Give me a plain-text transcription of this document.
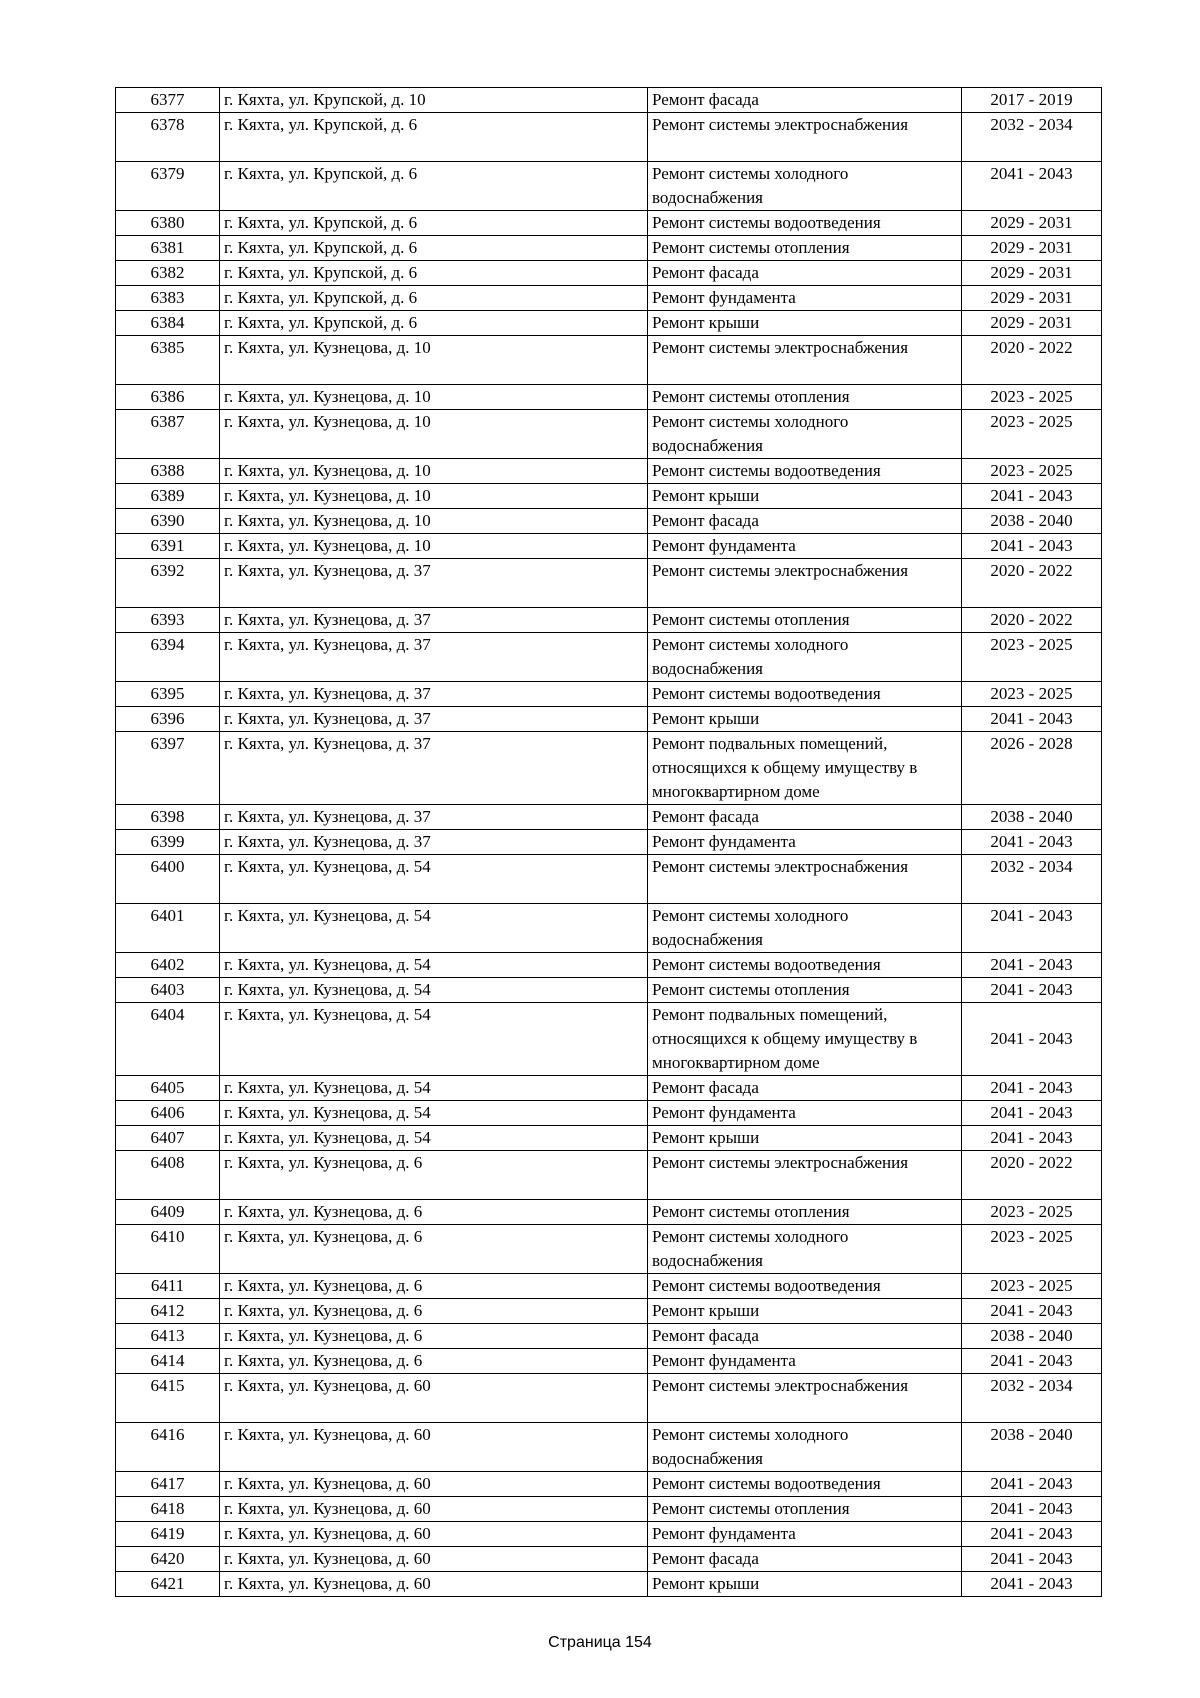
6377	г. Кяхта, ул. Крупской, д. 10	Ремонт фасада	2017 - 2019
6378	г. Кяхта, ул. Крупской, д. 6	Ремонт системы электроснабжения	2032 - 2034
6379	г. Кяхта, ул. Крупской, д. 6	Ремонт системы холодного
водоснабжения	2041 - 2043
6380	г. Кяхта, ул. Крупской, д. 6	Ремонт системы водоотведения	2029 - 2031
6381	г. Кяхта, ул. Крупской, д. 6	Ремонт системы отопления	2029 - 2031
6382	г. Кяхта, ул. Крупской, д. 6	Ремонт фасада	2029 - 2031
6383	г. Кяхта, ул. Крупской, д. 6	Ремонт фундамента	2029 - 2031
6384	г. Кяхта, ул. Крупской, д. 6	Ремонт крыши	2029 - 2031
6385	г. Кяхта, ул. Кузнецова, д. 10	Ремонт системы электроснабжения	2020 - 2022
6386	г. Кяхта, ул. Кузнецова, д. 10	Ремонт системы отопления	2023 - 2025
6387	г. Кяхта, ул. Кузнецова, д. 10	Ремонт системы холодного
водоснабжения	2023 - 2025
6388	г. Кяхта, ул. Кузнецова, д. 10	Ремонт системы водоотведения	2023 - 2025
6389	г. Кяхта, ул. Кузнецова, д. 10	Ремонт крыши	2041 - 2043
6390	г. Кяхта, ул. Кузнецова, д. 10	Ремонт фасада	2038 - 2040
6391	г. Кяхта, ул. Кузнецова, д. 10	Ремонт фундамента	2041 - 2043
6392	г. Кяхта, ул. Кузнецова, д. 37	Ремонт системы электроснабжения	2020 - 2022
6393	г. Кяхта, ул. Кузнецова, д. 37	Ремонт системы отопления	2020 - 2022
6394	г. Кяхта, ул. Кузнецова, д. 37	Ремонт системы холодного
водоснабжения	2023 - 2025
6395	г. Кяхта, ул. Кузнецова, д. 37	Ремонт системы водоотведения	2023 - 2025
6396	г. Кяхта, ул. Кузнецова, д. 37	Ремонт крыши	2041 - 2043
6397	г. Кяхта, ул. Кузнецова, д. 37	Ремонт подвальных помещений,
относящихся к общему имуществу в
многоквартирном доме	2026 - 2028
6398	г. Кяхта, ул. Кузнецова, д. 37	Ремонт фасада	2038 - 2040
6399	г. Кяхта, ул. Кузнецова, д. 37	Ремонт фундамента	2041 - 2043
6400	г. Кяхта, ул. Кузнецова, д. 54	Ремонт системы электроснабжения	2032 - 2034
6401	г. Кяхта, ул. Кузнецова, д. 54	Ремонт системы холодного
водоснабжения	2041 - 2043
6402	г. Кяхта, ул. Кузнецова, д. 54	Ремонт системы водоотведения	2041 - 2043
6403	г. Кяхта, ул. Кузнецова, д. 54	Ремонт системы отопления	2041 - 2043
6404	г. Кяхта, ул. Кузнецова, д. 54	Ремонт подвальных помещений,
относящихся к общему имуществу в
многоквартирном доме	2041 - 2043
6405	г. Кяхта, ул. Кузнецова, д. 54	Ремонт фасада	2041 - 2043
6406	г. Кяхта, ул. Кузнецова, д. 54	Ремонт фундамента	2041 - 2043
6407	г. Кяхта, ул. Кузнецова, д. 54	Ремонт крыши	2041 - 2043
6408	г. Кяхта, ул. Кузнецова, д. 6	Ремонт системы электроснабжения	2020 - 2022
6409	г. Кяхта, ул. Кузнецова, д. 6	Ремонт системы отопления	2023 - 2025
6410	г. Кяхта, ул. Кузнецова, д. 6	Ремонт системы холодного
водоснабжения	2023 - 2025
6411	г. Кяхта, ул. Кузнецова, д. 6	Ремонт системы водоотведения	2023 - 2025
6412	г. Кяхта, ул. Кузнецова, д. 6	Ремонт крыши	2041 - 2043
6413	г. Кяхта, ул. Кузнецова, д. 6	Ремонт фасада	2038 - 2040
6414	г. Кяхта, ул. Кузнецова, д. 6	Ремонт фундамента	2041 - 2043
6415	г. Кяхта, ул. Кузнецова, д. 60	Ремонт системы электроснабжения	2032 - 2034
6416	г. Кяхта, ул. Кузнецова, д. 60	Ремонт системы холодного
водоснабжения	2038 - 2040
6417	г. Кяхта, ул. Кузнецова, д. 60	Ремонт системы водоотведения	2041 - 2043
6418	г. Кяхта, ул. Кузнецова, д. 60	Ремонт системы отопления	2041 - 2043
6419	г. Кяхта, ул. Кузнецова, д. 60	Ремонт фундамента	2041 - 2043
6420	г. Кяхта, ул. Кузнецова, д. 60	Ремонт фасада	2041 - 2043
6421	г. Кяхта, ул. Кузнецова, д. 60	Ремонт крыши	2041 - 2043
Страница 154
